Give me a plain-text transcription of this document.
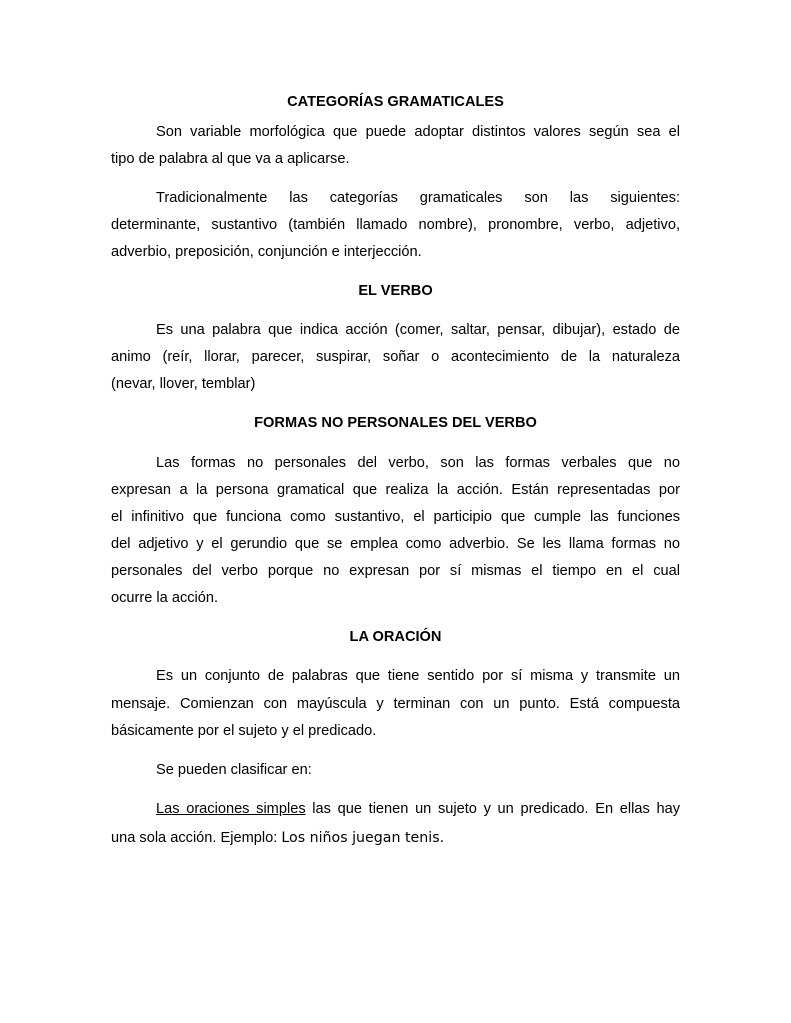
CATEGORÍAS GRAMATICALES
Son variable morfológica que puede adoptar distintos valores según sea el
tipo de palabra al que va a aplicarse.
Tradicionalmente las categorías gramaticales son las siguientes:
determinante, sustantivo (también llamado nombre), pronombre, verbo, adjetivo,
adverbio, preposición, conjunción e interjección.
EL VERBO
Es una palabra que indica acción (comer, saltar, pensar, dibujar), estado de
animo (reír, llorar, parecer, suspirar, soñar o acontecimiento de la naturaleza
(nevar, llover, temblar)
FORMAS NO PERSONALES DEL VERBO
Las formas no personales del verbo, son las formas verbales que no
expresan a la persona gramatical que realiza la acción. Están representadas por
el infinitivo que funciona como sustantivo, el participio que cumple las funciones
del adjetivo y el gerundio que se emplea como adverbio. Se les llama formas no
personales del verbo porque no expresan por sí mismas el tiempo en el cual
ocurre la acción.
LA ORACIÓN
Es un conjunto de palabras que tiene sentido por sí misma y transmite un
mensaje. Comienzan con mayúscula y terminan con un punto. Está compuesta
básicamente por el sujeto y el predicado.
Se pueden clasificar en:
Las oraciones simples las que tienen un sujeto y un predicado. En ellas hay
una sola acción. Ejemplo: Los niños juegan tenis.
